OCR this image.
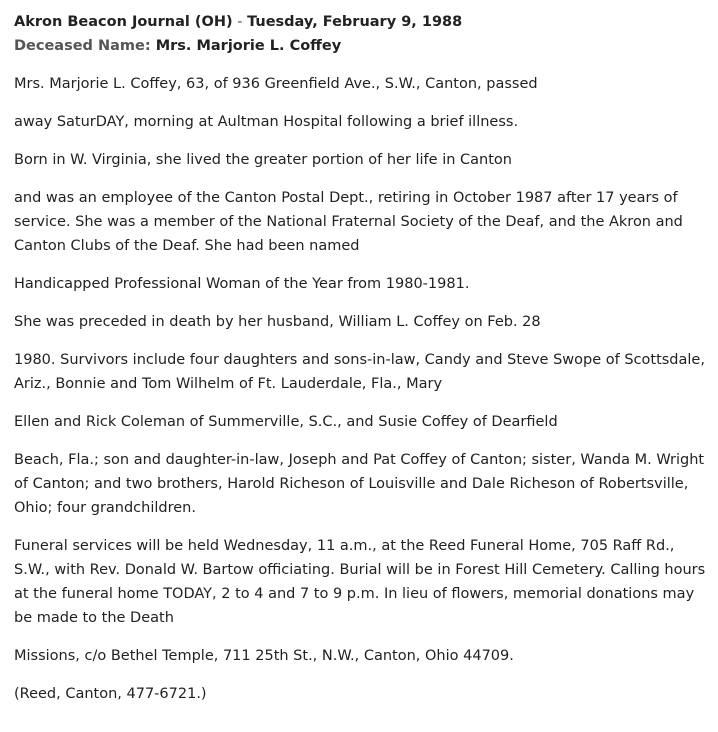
Akron Beacon Journal (OH) - Tuesday, February 9, 1988
Deceased Name: Mrs. Marjorie L. Coffey

Mrs. Marjorie L. Coffey, 63, of 936 Greenfield Ave., S.W., Canton, passed

away SaturDAY, morning at Aultman Hospital following a brief illness.

Born in W. Virginia, she lived the greater portion of her life in Canton

and was an employee of the Canton Postal Dept., retiring in October 1987 after 17 years of service. She was a member of the National Fraternal Society of the Deaf, and the Akron and Canton Clubs of the Deaf. She had been named

Handicapped Professional Woman of the Year from 1980-1981.

She was preceded in death by her husband, William L. Coffey on Feb. 28

1980. Survivors include four daughters and sons-in-law, Candy and Steve Swope of Scottsdale, Ariz., Bonnie and Tom Wilhelm of Ft. Lauderdale, Fla., Mary

Ellen and Rick Coleman of Summerville, S.C., and Susie Coffey of Dearfield

Beach, Fla.; son and daughter-in-law, Joseph and Pat Coffey of Canton; sister, Wanda M. Wright of Canton; and two brothers, Harold Richeson of Louisville and Dale Richeson of Robertsville, Ohio; four grandchildren.

Funeral services will be held Wednesday, 11 a.m., at the Reed Funeral Home, 705 Raff Rd., S.W., with Rev. Donald W. Bartow officiating. Burial will be in Forest Hill Cemetery. Calling hours at the funeral home TODAY, 2 to 4 and 7 to 9 p.m. In lieu of flowers, memorial donations may be made to the Death

Missions, c/o Bethel Temple, 711 25th St., N.W., Canton, Ohio 44709.

(Reed, Canton, 477-6721.)
